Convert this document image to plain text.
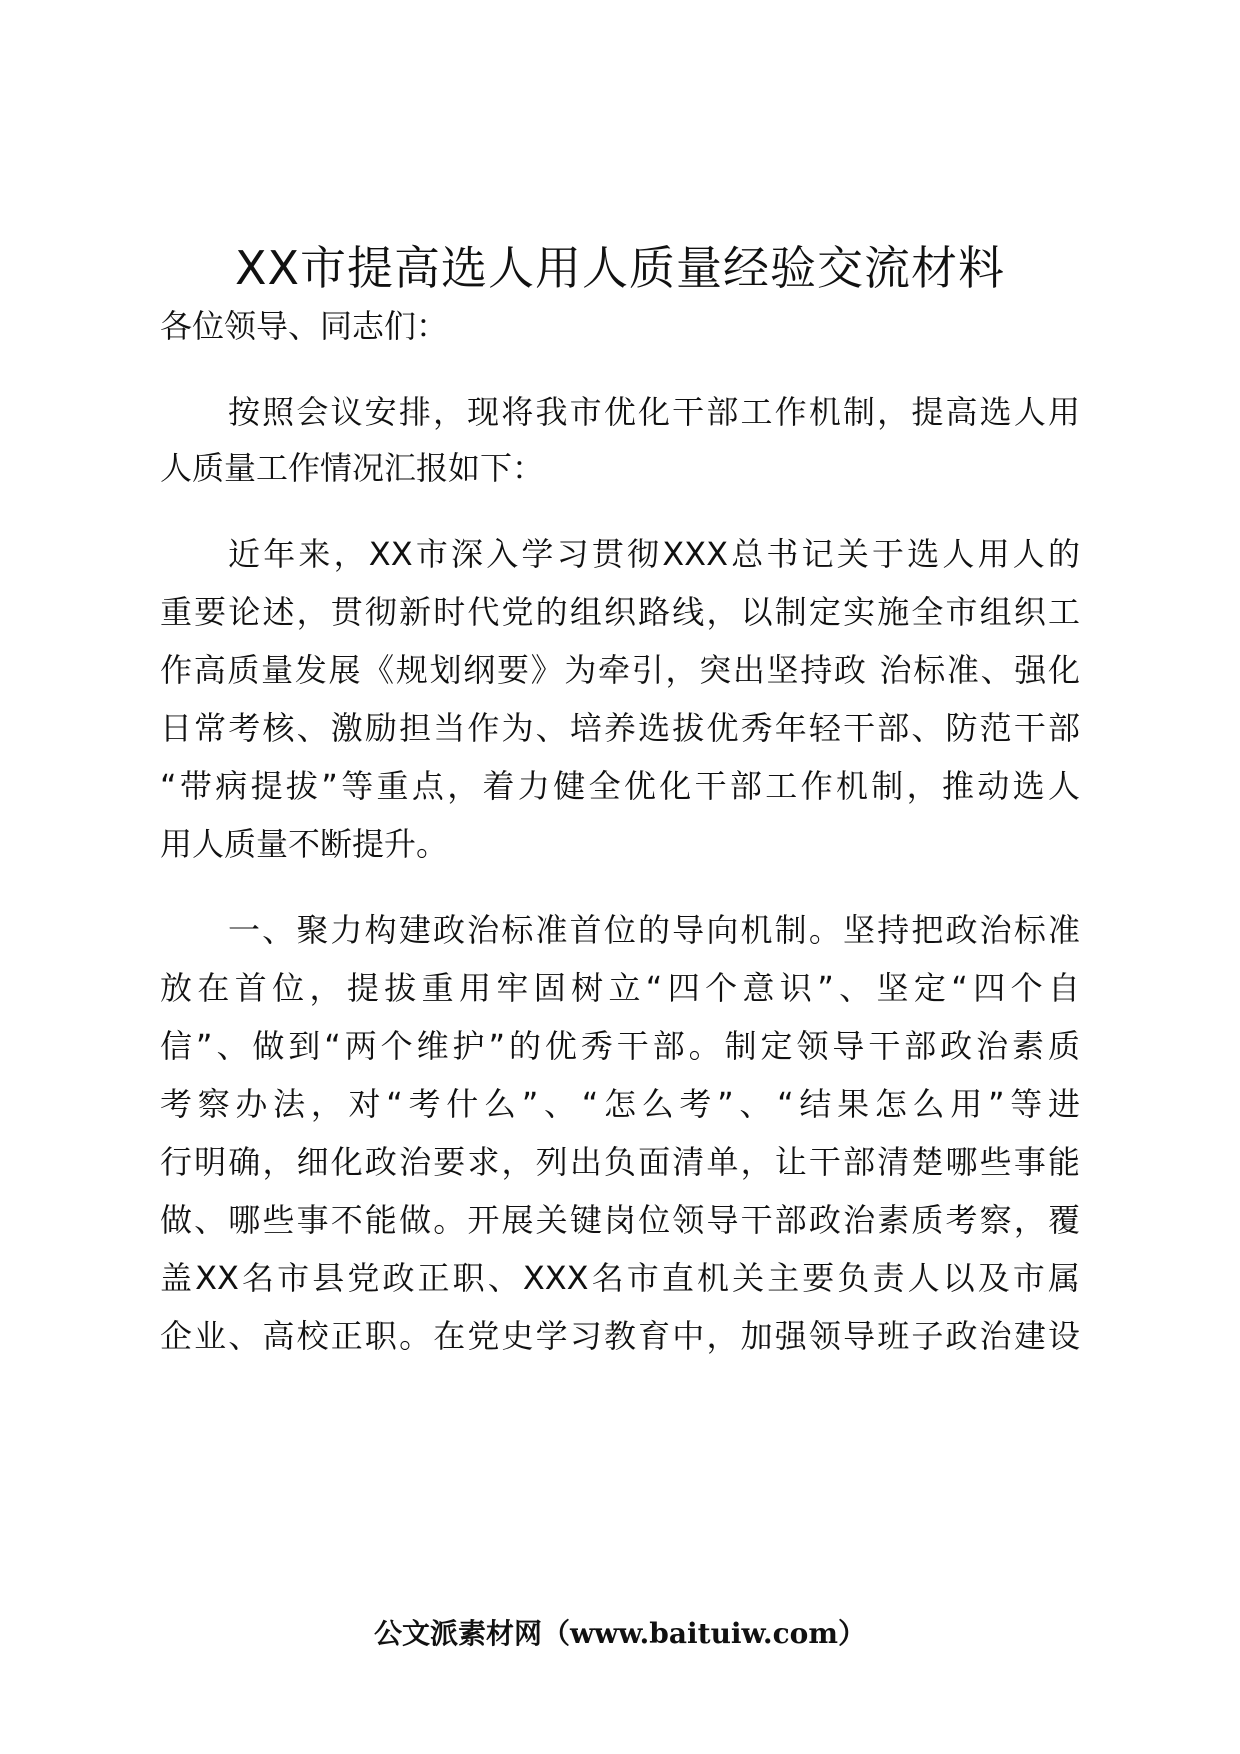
XX市提高选人用人质量经验交流材料
各位领导、同志们：
按照会议安排，现将我市优化干部工作机制，提高选人用
人质量工作情况汇报如下：
近年来，XX市深入学习贯彻XXX总书记关于选人用人的
重要论述，贯彻新时代党的组织路线，以制定实施全市组织工
作高质量发展《规划纲要》为牵引，突出坚持政 治标准、强化
日常考核、激励担当作为、培养选拔优秀年轻干部、防范干部
“带病提拔”等重点，着力健全优化干部工作机制，推动选人
用人质量不断提升。
一、聚力构建政治标准首位的导向机制。坚持把政治标准
放在首位，提拔重用牢固树立“四个意识”、坚定“四个自
信”、做到“两个维护”的优秀干部。制定领导干部政治素质
考察办法，对“考什么”、“怎么考”、“结果怎么用”等进
行明确，细化政治要求，列出负面清单，让干部清楚哪些事能
做、哪些事不能做。开展关键岗位领导干部政治素质考察，覆
盖XX名市县党政正职、XXX名市直机关主要负责人以及市属
企业、高校正职。在党史学习教育中，加强领导班子政治建设
公文派素材网（www.baituiw.com）
